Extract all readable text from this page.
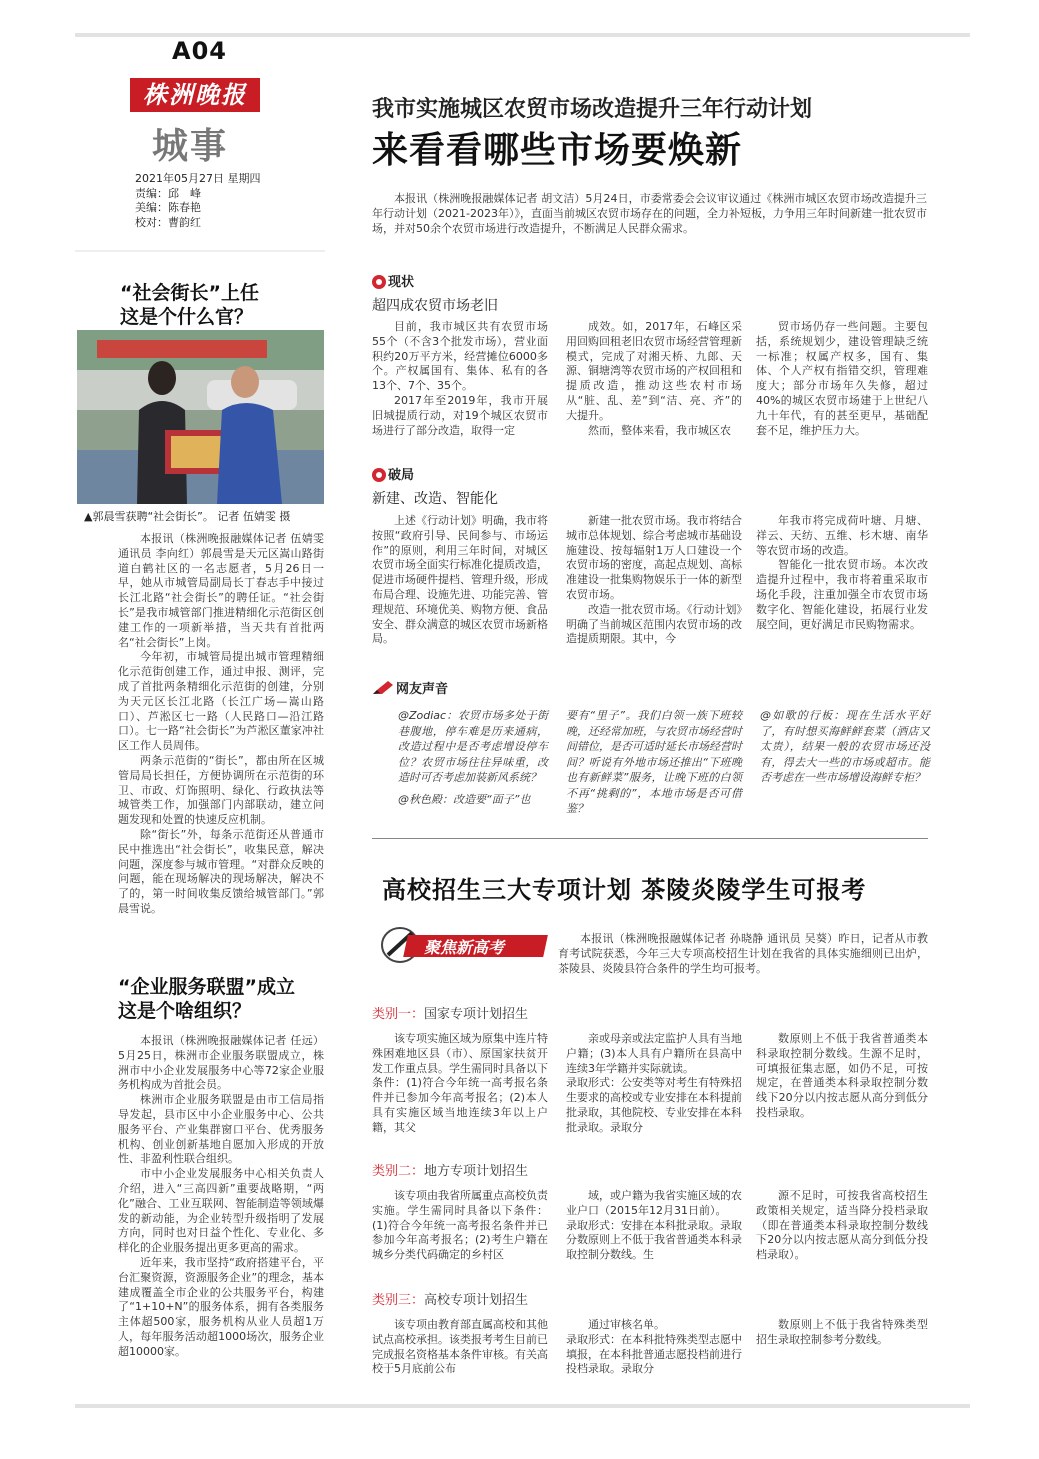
A04
株洲晚报
城事
2021年05月27日 星期四
责编：邱　峰
美编：陈春艳
校对：曹韵红
我市实施城区农贸市场改造提升三年行动计划
来看看哪些市场要焕新
本报讯（株洲晚报融媒体记者 胡文洁）5月24日，市委常委会会议审议通过《株洲市城区农贸市场改造提升三年行动计划（2021-2023年）》，直面当前城区农贸市场存在的问题，全力补短板，力争用三年时间新建一批农贸市场，并对50余个农贸市场进行改造提升，不断满足人民群众需求。
现状
超四成农贸市场老旧

目前，我市城区共有农贸市场55个（不含3个批发市场），营业面积约20万平方米，经营摊位6000多个。产权属国有、集体、私有的各13个、7个、35个。

2017年至2019年，我市开展旧城提质行动，对19个城区农贸市场进行了部分改造，取得一定

成效。如，2017年，石峰区采用回购回租老旧农贸市场经营管理新模式，完成了对湘天桥、九郎、天源、铜塘湾等农贸市场的产权回租和提质改造，推动这些农村市场从“脏、乱、差”到“洁、亮、齐”的大提升。

然而，整体来看，我市城区农

贸市场仍存一些问题。主要包括，系统规划少，建设管理缺乏统一标准；权属产权多，国有、集体、个人产权有指错交织，管理难度大；部分市场年久失修，超过40%的城区农贸市场建于上世纪八九十年代，有的甚至更早，基础配套不足，维护压力大。

破局
新建、改造、智能化

上述《行动计划》明确，我市将按照“政府引导、民间参与、市场运作”的原则，利用三年时间，对城区农贸市场全面实行标准化提质改造，促进市场硬件提档、管理升级，形成布局合理、设施先进、功能完善、管理规范、环境优美、购物方便、食品安全、群众满意的城区农贸市场新格局。

新建一批农贸市场。我市将结合城市总体规划、综合考虑城市基础设施建设、按每辐射1万人口建设一个农贸市场的密度，高起点规划、高标准建设一批集购物娱乐于一体的新型农贸市场。

改造一批农贸市场。《行动计划》明确了当前城区范围内农贸市场的改造提质期限。其中，今

年我市将完成荷叶塘、月塘、祥云、天纺、五维、杉木塘、南华等农贸市场的改造。

智能化一批农贸市场。本次改造提升过程中，我市将着重采取市场化手段，注重加强全市农贸市场数字化、智能化建设，拓展行业发展空间，更好满足市民购物需求。

网友声音
@Zodiac：农贸市场多处于街巷腹地，停车难是历来通病，改造过程中是否考虑增设停车位？农贸市场往往异味重，改造时可否考虑加装新风系统？
@秋色殿：改造要“面子”也
要有“里子”。我们白领一族下班较晚，还经常加班，与农贸市场经营时间错位，是否可适时延长市场经营时间？听说有外地市场还推出“下班晚也有新鲜菜”服务，让晚下班的白领不再“挑剩的”，本地市场是否可借鉴？
@如歌的行板：现在生活水平好了，有时想买海鲜鲜套菜（酒店又太贵），结果一般的农贸市场还没有，得去大一些的市场或超市。能否考虑在一些市场增设海鲜专柜？
“社会街长”上任
这是个什么官？
▲郭晨雪获聘“社会街长”。 记者 伍婧雯 摄

本报讯（株洲晚报融媒体记者 伍婧雯 通讯员 李向红）郭晨雪是天元区嵩山路街道白鹤社区的一名志愿者，5月26日一早，她从市城管局副局长丁春志手中接过长江北路“社会街长”的聘任证。“社会街长”是我市城管部门推进精细化示范街区创建工作的一项新举措，当天共有首批两名“社会街长”上岗。

今年初，市城管局提出城市管理精细化示范街创建工作，通过申报、测评，完成了首批两条精细化示范街的创建，分别为天元区长江北路（长江广场—嵩山路口）、芦淞区七一路（人民路口—沿江路口）。七一路“社会街长”为芦淞区董家冲社区工作人员周伟。

两条示范街的“街长”，都由所在区城管局局长担任，方便协调所在示范街的环卫、市政、灯饰照明、绿化、行政执法等城管类工作，加强部门内部联动，建立问题发现和处置的快速反应机制。

除“街长”外，每条示范街还从普通市民中推选出“社会街长”，收集民意，解决问题，深度参与城市管理。“对群众反映的问题，能在现场解决的现场解决，解决不了的，第一时间收集反馈给城管部门。”郭晨雪说。

“企业服务联盟”成立
这是个啥组织？

本报讯（株洲晚报融媒体记者 任远）5月25日，株洲市企业服务联盟成立，株洲市中小企业发展服务中心等72家企业服务机构成为首批会员。

株洲市企业服务联盟是由市工信局指导发起，县市区中小企业服务中心、公共服务平台、产业集群窗口平台、优秀服务机构、创业创新基地自愿加入形成的开放性、非盈利性联合组织。

市中小企业发展服务中心相关负责人介绍，进入“三高四新”重要战略期，“两化”融合、工业互联网、智能制造等领域爆发的新动能，为企业转型升级指明了发展方向，同时也对日益个性化、专业化、多样化的企业服务提出更多更高的需求。

近年来，我市坚持“政府搭建平台，平台汇聚资源，资源服务企业”的理念，基本建成覆盖全市企业的公共服务平台，构建了“1+10+N”的服务体系，拥有各类服务主体超500家，服务机构从业人员超1万人，每年服务活动超1000场次，服务企业超10000家。

高校招生三大专项计划 茶陵炎陵学生可报考
聚焦新高考	本报讯（株洲晚报融媒体记者 孙晓静 通讯员 吴葵）昨日，记者从市教育考试院获悉，今年三大专项高校招生计划在我省的具体实施细则已出炉，茶陵县、炎陵县符合条件的学生均可报考。
类别一：国家专项计划招生
该专项实施区域为原集中连片特殊困难地区县（市）、原国家扶贫开发工作重点县。学生需同时具备以下条件：(1)符合今年统一高考报名条件并已参加今年高考报名；(2)本人具有实施区域当地连续3年以上户籍，其父
亲或母亲或法定监护人具有当地户籍；(3)本人具有户籍所在县高中连续3年学籍并实际就读。
录取形式：公安类等对考生有特殊招生要求的高校或专业安排在本科提前批录取，其他院校、专业安排在本科批录取。录取分
数原则上不低于我省普通类本科录取控制分数线。生源不足时，可填报征集志愿，如仍不足，可按规定，在普通类本科录取控制分数线下20分以内按志愿从高分到低分投档录取。
类别二：地方专项计划招生
该专项由我省所属重点高校负责实施。学生需同时具备以下条件：(1)符合今年统一高考报名条件并已参加今年高考报名；(2)考生户籍在城乡分类代码确定的乡村区
域，或户籍为我省实施区域的农业户口（2015年12月31日前）。
录取形式：安排在本科批录取。录取分数原则上不低于我省普通类本科录取控制分数线。生
源不足时，可按我省高校招生政策相关规定，适当降分投档录取（即在普通类本科录取控制分数线下20分以内按志愿从高分到低分投档录取）。
类别三：高校专项计划招生
该专项由教育部直属高校和其他试点高校承担。该类报考考生目前已完成报名资格基本条件审核。有关高校于5月底前公布
通过审核名单。
录取形式：在本科批特殊类型志愿中填报，在本科批普通志愿投档前进行投档录取。录取分
数原则上不低于我省特殊类型招生录取控制参考分数线。
